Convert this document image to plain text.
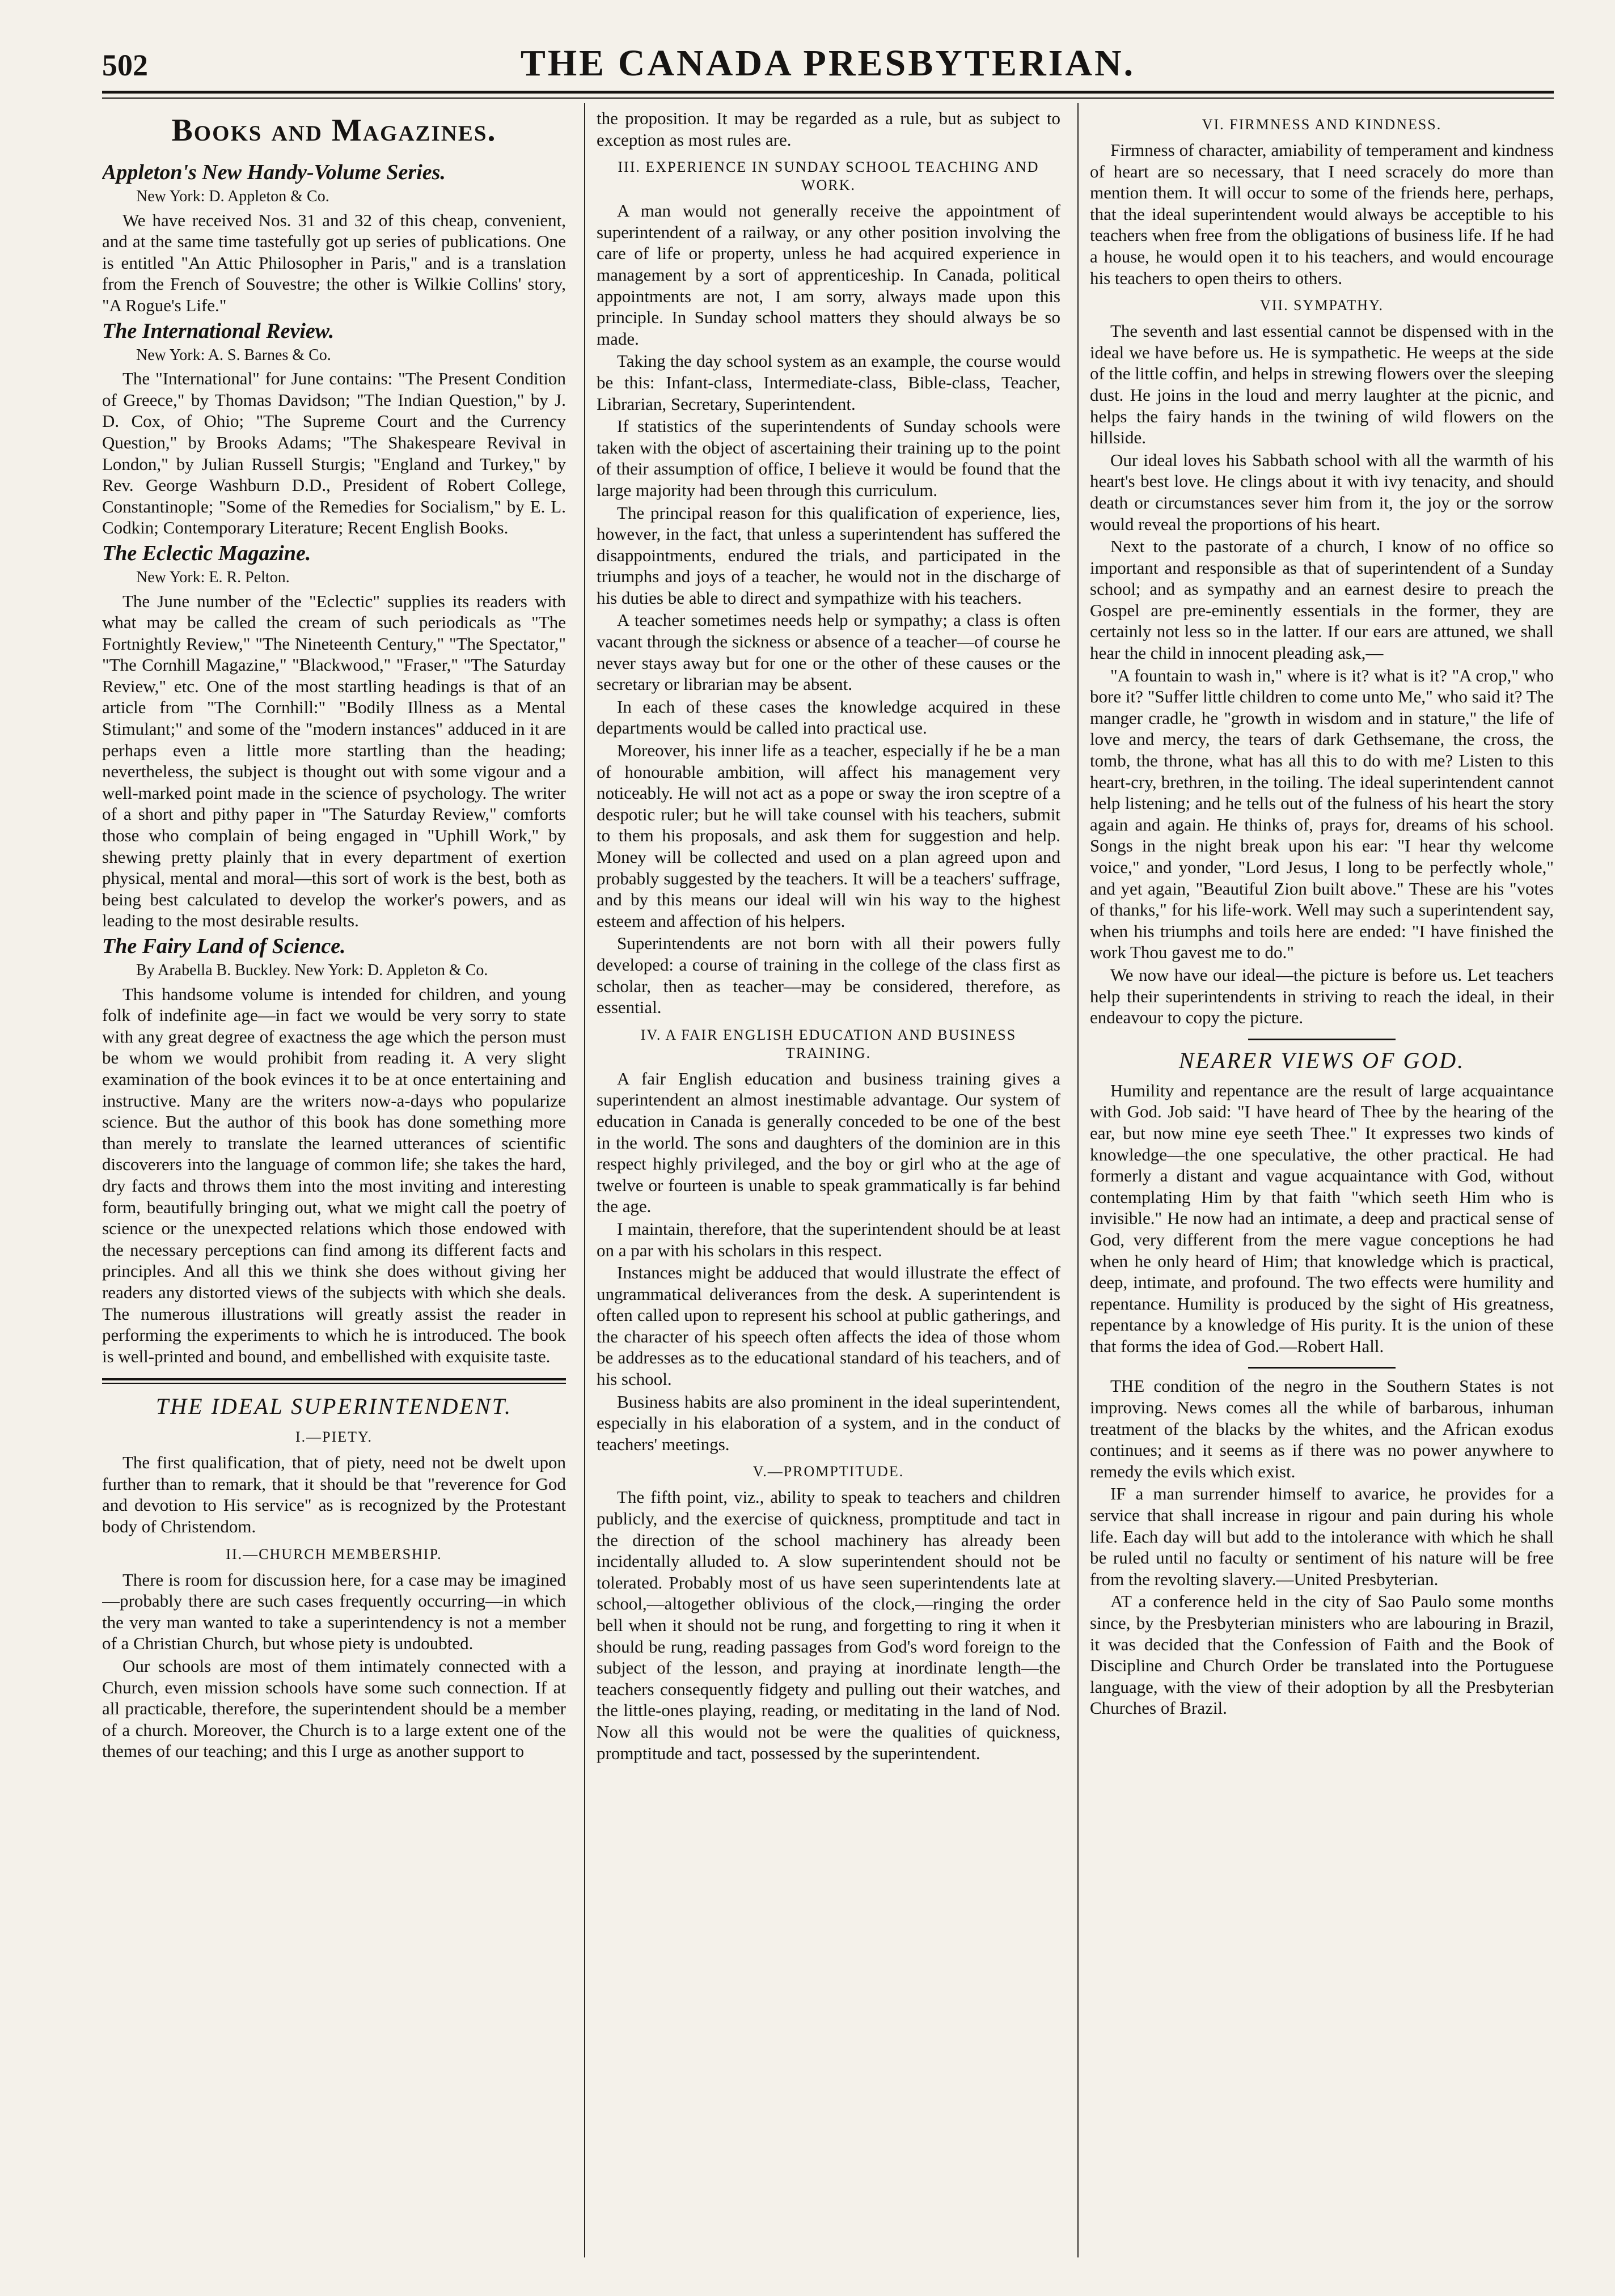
502	THE CANADA PRESBYTERIAN.
Books and Magazines.

Appleton's New Handy-Volume Series.

New York: D. Appleton & Co.

We have received Nos. 31 and 32 of this cheap, convenient, and at the same time tastefully got up series of publications. One is entitled "An Attic Philosopher in Paris," and is a translation from the French of Souvestre; the other is Wilkie Collins' story, "A Rogue's Life."

The International Review.

New York: A. S. Barnes & Co.

The "International" for June contains: "The Present Condition of Greece," by Thomas Davidson; "The Indian Question," by J. D. Cox, of Ohio; "The Supreme Court and the Currency Question," by Brooks Adams; "The Shakespeare Revival in London," by Julian Russell Sturgis; "England and Turkey," by Rev. George Washburn D.D., President of Robert College, Constantinople; "Some of the Remedies for Socialism," by E. L. Codkin; Contemporary Literature; Recent English Books.

The Eclectic Magazine.

New York: E. R. Pelton.

The June number of the "Eclectic" supplies its readers with what may be called the cream of such periodicals as "The Fortnightly Review," "The Nineteenth Century," "The Spectator," "The Cornhill Magazine," "Blackwood," "Fraser," "The Saturday Review," etc. One of the most startling headings is that of an article from "The Cornhill:" "Bodily Illness as a Mental Stimulant;" and some of the "modern instances" adduced in it are perhaps even a little more startling than the heading; nevertheless, the subject is thought out with some vigour and a well-marked point made in the science of psychology. The writer of a short and pithy paper in "The Saturday Review," comforts those who complain of being engaged in "Uphill Work," by shewing pretty plainly that in every department of exertion physical, mental and moral—this sort of work is the best, both as being best calculated to develop the worker's powers, and as leading to the most desirable results.

The Fairy Land of Science.

By Arabella B. Buckley. New York: D. Appleton & Co.

This handsome volume is intended for children, and young folk of indefinite age—in fact we would be very sorry to state with any great degree of exactness the age which the person must be whom we would prohibit from reading it. A very slight examination of the book evinces it to be at once entertaining and instructive. Many are the writers now-a-days who popularize science. But the author of this book has done something more than merely to translate the learned utterances of scientific discoverers into the language of common life; she takes the hard, dry facts and throws them into the most inviting and interesting form, beautifully bringing out, what we might call the poetry of science or the unexpected relations which those endowed with the necessary perceptions can find among its different facts and principles. And all this we think she does without giving her readers any distorted views of the subjects with which she deals. The numerous illustrations will greatly assist the reader in performing the experiments to which he is introduced. The book is well-printed and bound, and embellished with exquisite taste.

THE IDEAL SUPERINTENDENT.

I.—PIETY.

The first qualification, that of piety, need not be dwelt upon further than to remark, that it should be that "reverence for God and devotion to His service" as is recognized by the Protestant body of Christendom.

II.—CHURCH MEMBERSHIP.

There is room for discussion here, for a case may be imagined—probably there are such cases frequently occurring—in which the very man wanted to take a superintendency is not a member of a Christian Church, but whose piety is undoubted.

Our schools are most of them intimately connected with a Church, even mission schools have some such connection. If at all practicable, therefore, the superintendent should be a member of a church. Moreover, the Church is to a large extent one of the themes of our teaching; and this I urge as another support to

the proposition. It may be regarded as a rule, but as subject to exception as most rules are.

III. EXPERIENCE IN SUNDAY SCHOOL TEACHING AND WORK.

A man would not generally receive the appointment of superintendent of a railway, or any other position involving the care of life or property, unless he had acquired experience in management by a sort of apprenticeship. In Canada, political appointments are not, I am sorry, always made upon this principle. In Sunday school matters they should always be so made.

Taking the day school system as an example, the course would be this: Infant-class, Intermediate-class, Bible-class, Teacher, Librarian, Secretary, Superintendent.

If statistics of the superintendents of Sunday schools were taken with the object of ascertaining their training up to the point of their assumption of office, I believe it would be found that the large majority had been through this curriculum.

The principal reason for this qualification of experience, lies, however, in the fact, that unless a superintendent has suffered the disappointments, endured the trials, and participated in the triumphs and joys of a teacher, he would not in the discharge of his duties be able to direct and sympathize with his teachers.

A teacher sometimes needs help or sympathy; a class is often vacant through the sickness or absence of a teacher—of course he never stays away but for one or the other of these causes or the secretary or librarian may be absent.

In each of these cases the knowledge acquired in these departments would be called into practical use.

Moreover, his inner life as a teacher, especially if he be a man of honourable ambition, will affect his management very noticeably. He will not act as a pope or sway the iron sceptre of a despotic ruler; but he will take counsel with his teachers, submit to them his proposals, and ask them for suggestion and help. Money will be collected and used on a plan agreed upon and probably suggested by the teachers. It will be a teachers' suffrage, and by this means our ideal will win his way to the highest esteem and affection of his helpers.

Superintendents are not born with all their powers fully developed: a course of training in the college of the class first as scholar, then as teacher—may be considered, therefore, as essential.

IV. A FAIR ENGLISH EDUCATION AND BUSINESS TRAINING.

A fair English education and business training gives a superintendent an almost inestimable advantage. Our system of education in Canada is generally conceded to be one of the best in the world. The sons and daughters of the dominion are in this respect highly privileged, and the boy or girl who at the age of twelve or fourteen is unable to speak grammatically is far behind the age.

I maintain, therefore, that the superintendent should be at least on a par with his scholars in this respect.

Instances might be adduced that would illustrate the effect of ungrammatical deliverances from the desk. A superintendent is often called upon to represent his school at public gatherings, and the character of his speech often affects the idea of those whom be addresses as to the educational standard of his teachers, and of his school.

Business habits are also prominent in the ideal superintendent, especially in his elaboration of a system, and in the conduct of teachers' meetings.

V.—PROMPTITUDE.

The fifth point, viz., ability to speak to teachers and children publicly, and the exercise of quickness, promptitude and tact in the direction of the school machinery has already been incidentally alluded to. A slow superintendent should not be tolerated. Probably most of us have seen superintendents late at school,—altogether oblivious of the clock,—ringing the order bell when it should not be rung, and forgetting to ring it when it should be rung, reading passages from God's word foreign to the subject of the lesson, and praying at inordinate length—the teachers consequently fidgety and pulling out their watches, and the little-ones playing, reading, or meditating in the land of Nod. Now all this would not be were the qualities of quickness, promptitude and tact, possessed by the superintendent.

VI. FIRMNESS AND KINDNESS.

Firmness of character, amiability of temperament and kindness of heart are so necessary, that I need scracely do more than mention them. It will occur to some of the friends here, perhaps, that the ideal superintendent would always be acceptible to his teachers when free from the obligations of business life. If he had a house, he would open it to his teachers, and would encourage his teachers to open theirs to others.

VII. SYMPATHY.

The seventh and last essential cannot be dispensed with in the ideal we have before us. He is sympathetic. He weeps at the side of the little coffin, and helps in strewing flowers over the sleeping dust. He joins in the loud and merry laughter at the picnic, and helps the fairy hands in the twining of wild flowers on the hillside.

Our ideal loves his Sabbath school with all the warmth of his heart's best love. He clings about it with ivy tenacity, and should death or circumstances sever him from it, the joy or the sorrow would reveal the proportions of his heart.

Next to the pastorate of a church, I know of no office so important and responsible as that of superintendent of a Sunday school; and as sympathy and an earnest desire to preach the Gospel are pre-eminently essentials in the former, they are certainly not less so in the latter. If our ears are attuned, we shall hear the child in innocent pleading ask,—

"A fountain to wash in," where is it? what is it? "A crop," who bore it? "Suffer little children to come unto Me," who said it? The manger cradle, he "growth in wisdom and in stature," the life of love and mercy, the tears of dark Gethsemane, the cross, the tomb, the throne, what has all this to do with me? Listen to this heart-cry, brethren, in the toiling. The ideal superintendent cannot help listening; and he tells out of the fulness of his heart the story again and again. He thinks of, prays for, dreams of his school. Songs in the night break upon his ear: "I hear thy welcome voice," and yonder, "Lord Jesus, I long to be perfectly whole," and yet again, "Beautiful Zion built above." These are his "votes of thanks," for his life-work. Well may such a superintendent say, when his triumphs and toils here are ended: "I have finished the work Thou gavest me to do."

We now have our ideal—the picture is before us. Let teachers help their superintendents in striving to reach the ideal, in their endeavour to copy the picture.

NEARER VIEWS OF GOD.

Humility and repentance are the result of large acquaintance with God. Job said: "I have heard of Thee by the hearing of the ear, but now mine eye seeth Thee." It expresses two kinds of knowledge—the one speculative, the other practical. He had formerly a distant and vague acquaintance with God, without contemplating Him by that faith "which seeth Him who is invisible." He now had an intimate, a deep and practical sense of God, very different from the mere vague conceptions he had when he only heard of Him; that knowledge which is practical, deep, intimate, and profound. The two effects were humility and repentance. Humility is produced by the sight of His greatness, repentance by a knowledge of His purity. It is the union of these that forms the idea of God.—Robert Hall.

THE condition of the negro in the Southern States is not improving. News comes all the while of barbarous, inhuman treatment of the blacks by the whites, and the African exodus continues; and it seems as if there was no power anywhere to remedy the evils which exist.

IF a man surrender himself to avarice, he provides for a service that shall increase in rigour and pain during his whole life. Each day will but add to the intolerance with which he shall be ruled until no faculty or sentiment of his nature will be free from the revolting slavery.—United Presbyterian.

AT a conference held in the city of Sao Paulo some months since, by the Presbyterian ministers who are labouring in Brazil, it was decided that the Confession of Faith and the Book of Discipline and Church Order be translated into the Portuguese language, with the view of their adoption by all the Presbyterian Churches of Brazil.
